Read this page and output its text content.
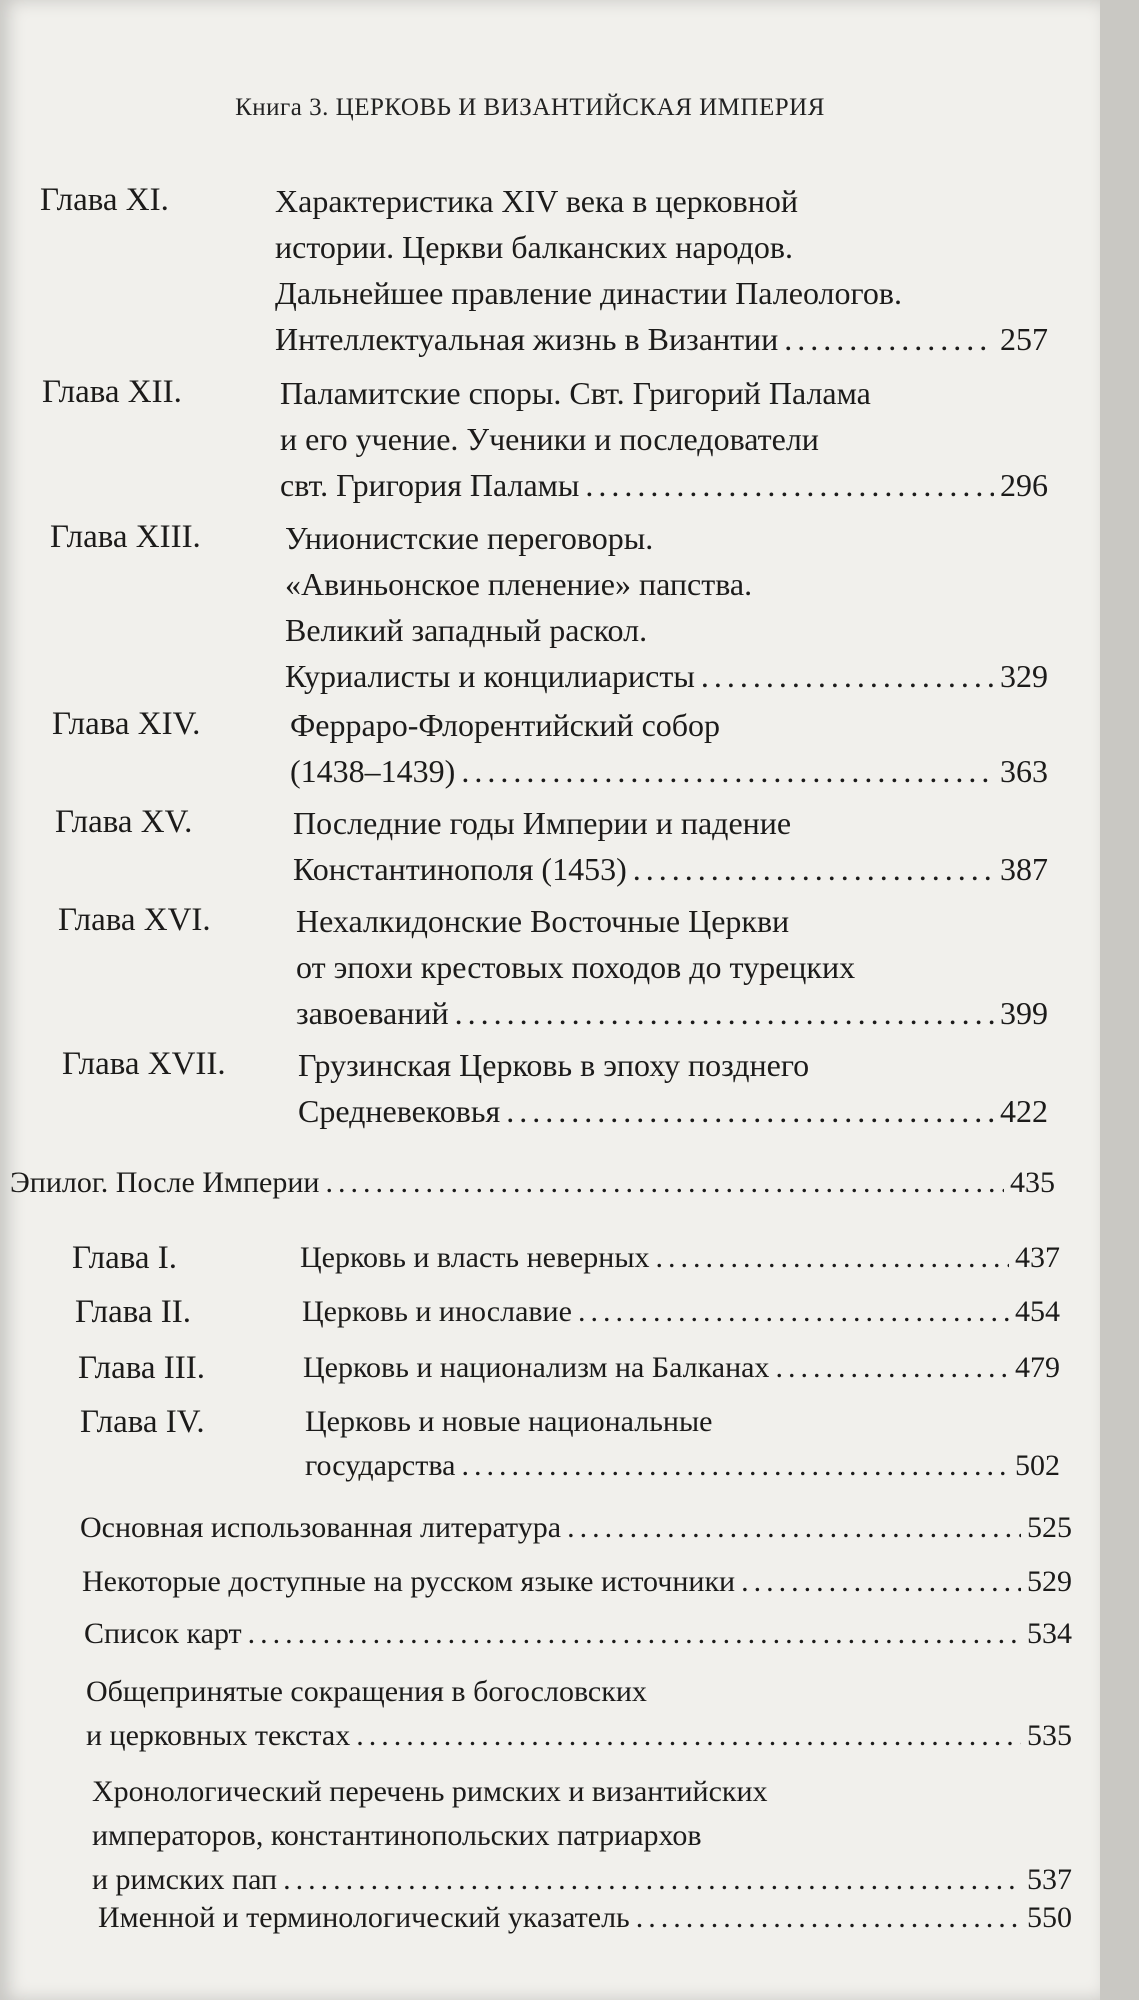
Книга 3. ЦЕРКОВЬ И ВИЗАНТИЙСКАЯ ИМПЕРИЯ
Глава XI.	Характеристика XIV века в церковной
истории. Церкви балканских народов.
Дальнейшее правление династии Палеологов.
Интеллектуальная жизнь в Византии .....	257
Глава XII.	Паламитские споры. Свт. Григорий Палама
и его учение. Ученики и последователи
свт. Григория Паламы .....	296
Глава XIII.	Унионистские переговоры.
«Авиньонское пленение» папства.
Великий западный раскол.
Куриалисты и концилиаристы .....	329
Глава XIV.	Ферраро-Флорентийский собор
(1438–1439) .....	363
Глава XV.	Последние годы Империи и падение
Константинополя (1453) .....	387
Глава XVI.	Нехалкидонские Восточные Церкви
от эпохи крестовых походов до турецких
завоеваний .....	399
Глава XVII. Грузинская Церковь в эпоху позднего
Средневековья .....	422
Эпилог. После Империи .....	435
Глава I.	Церковь и власть неверных .....	437
Глава II.	Церковь и инославие .....	454
Глава III.	Церковь и национализм на Балканах .....	479
Глава IV.	Церковь и новые национальные
государства .....	502
Основная использованная литература .....	525
Некоторые доступные на русском языке источники .....	529
Список карт .....	534
Общепринятые сокращения в богословских
и церковных текстах .....	535
Хронологический перечень римских и византийских
императоров, константинопольских патриархов
и римских пап .....	537
Именной и терминологический указатель .....	550
